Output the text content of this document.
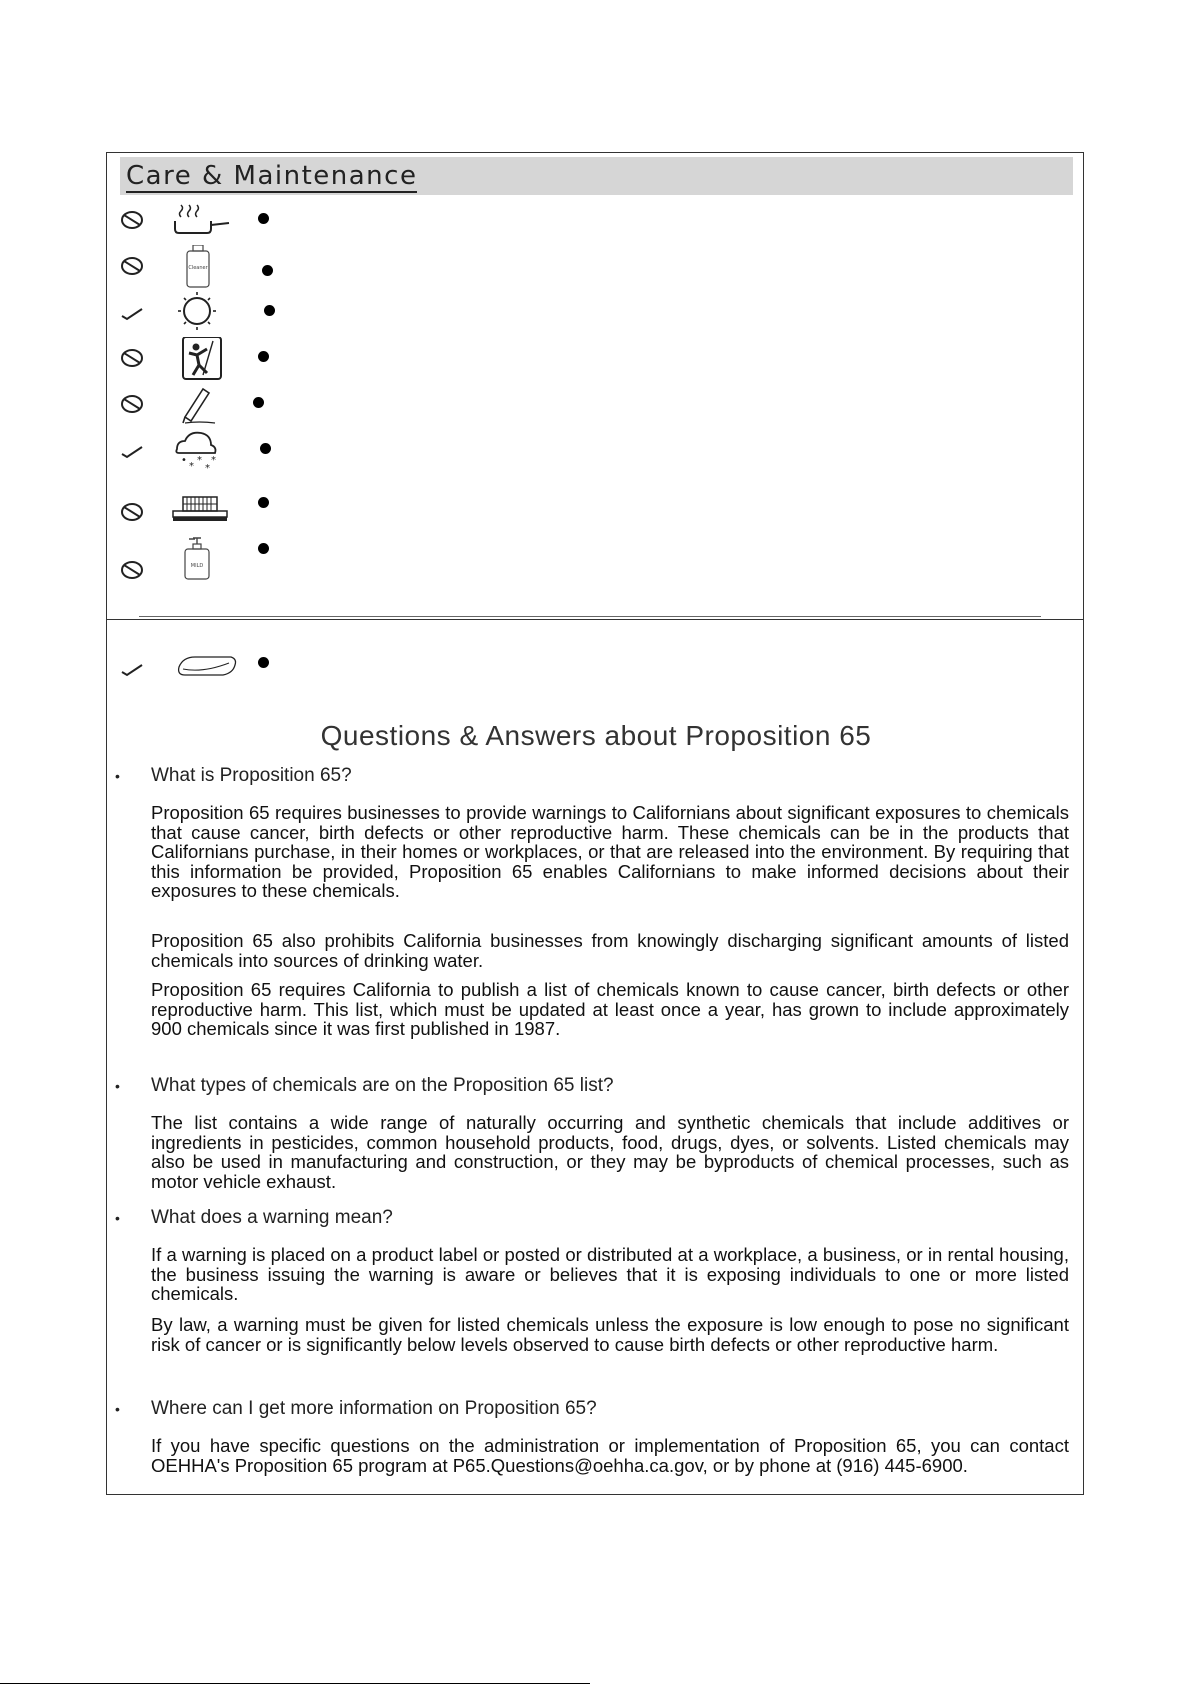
Care & Maintenance
Cleaner
•
*
*
*
*
MILD
Questions & Answers about Proposition 65
• What is Proposition 65?

Proposition 65 requires businesses to provide warnings to Californians about significant exposures to chemicals that cause cancer, birth defects or other reproductive harm. These chemicals can be in the products that Californians purchase, in their homes or workplaces, or that are released into the environment. By requiring that this information be provided, Proposition 65 enables Californians to make informed decisions about their exposures to these chemicals.

Proposition 65 also prohibits California businesses from knowingly discharging significant amounts of listed chemicals into sources of drinking water.

Proposition 65 requires California to publish a list of chemicals known to cause cancer, birth defects or other reproductive harm. This list, which must be updated at least once a year, has grown to include approximately 900 chemicals since it was first published in 1987.

• What types of chemicals are on the Proposition 65 list?

The list contains a wide range of naturally occurring and synthetic chemicals that include additives or ingredients in pesticides, common household products, food, drugs, dyes, or solvents. Listed chemicals may also be used in manufacturing and construction, or they may be byproducts of chemical processes, such as motor vehicle exhaust.

• What does a warning mean?

If a warning is placed on a product label or posted or distributed at a workplace, a business, or in rental housing, the business issuing the warning is aware or believes that it is exposing individuals to one or more listed chemicals.

By law, a warning must be given for listed chemicals unless the exposure is low enough to pose no significant risk of cancer or is significantly below levels observed to cause birth defects or other reproductive harm.

• Where can I get more information on Proposition 65?

If you have specific questions on the administration or implementation of Proposition 65, you can contact OEHHA's Proposition 65 program at P65.Questions@oehha.ca.gov, or by phone at (916) 445-6900.
